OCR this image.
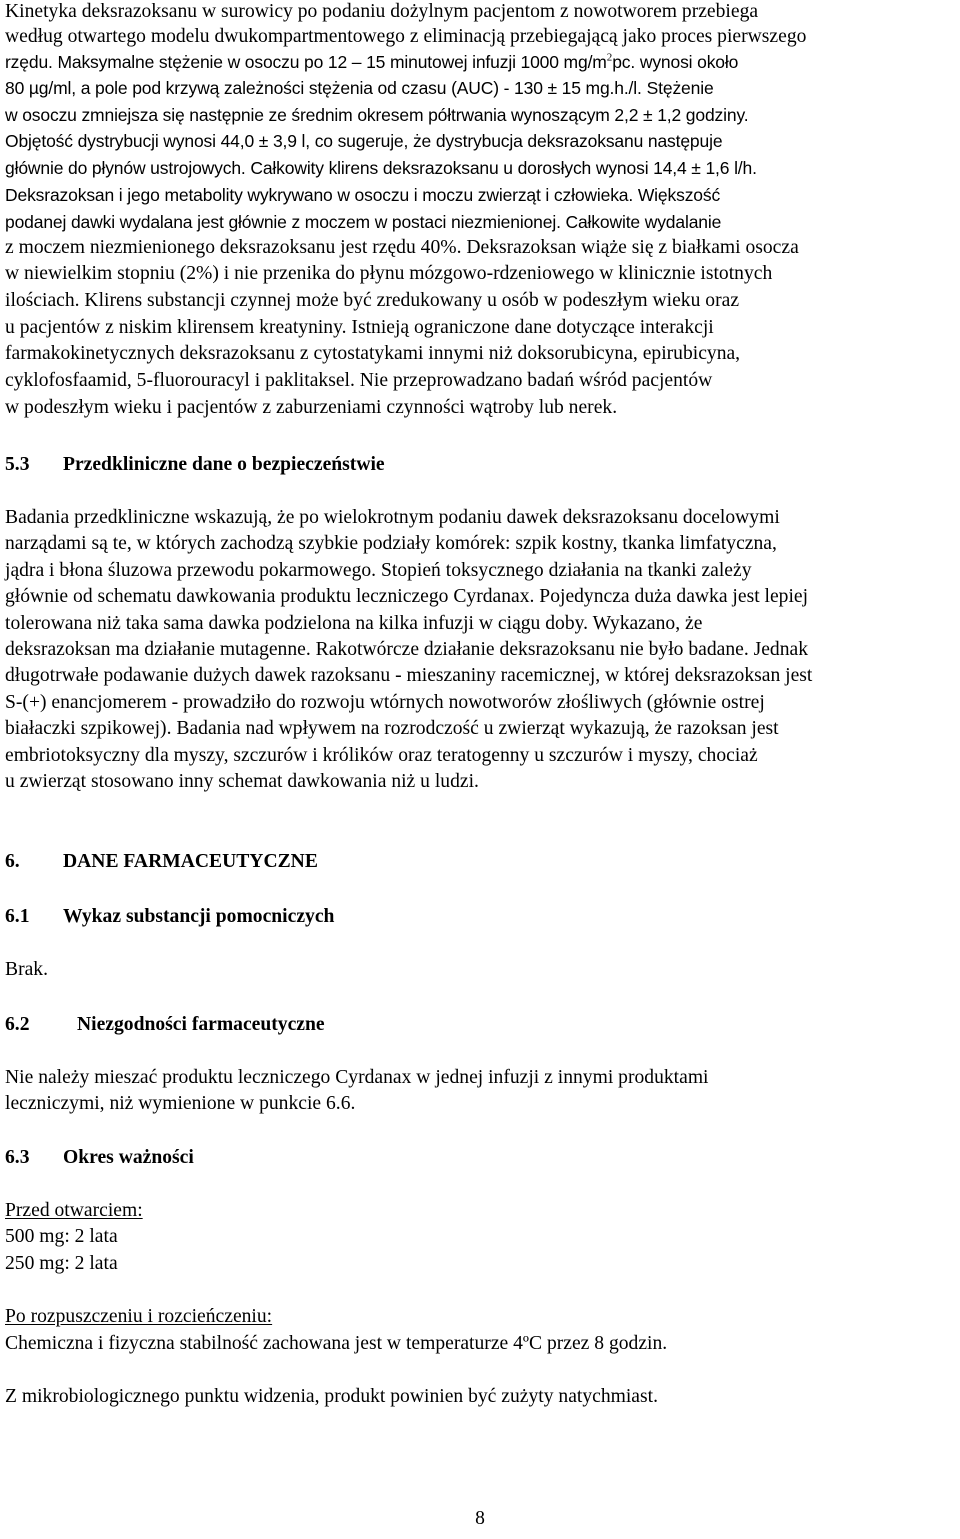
Kinetyka deksrazoksanu w surowicy po podaniu dożylnym pacjentom z nowotworem przebiega
według otwartego modelu dwukompartmentowego z eliminacją przebiegającą jako proces pierwszego
rzędu. Maksymalne stężenie w osoczu po 12 – 15 minutowej infuzji 1000 $mg/m^2pc$. wynosi około
80 µg/ml, a pole pod krzywą zależności stężenia od czasu (AUC) - 130 ± 15 mg.h./l. Stężenie
w osoczu zmniejsza się następnie ze średnim okresem półtrwania wynoszącym 2,2 ± 1,2 godziny.
Objętość dystrybucji wynosi 44,0 ± 3,9 l, co sugeruje, że dystrybucja deksrazoksanu następuje
głównie do płynów ustrojowych. Całkowity klirens deksrazoksanu u dorosłych wynosi 14,4 ± 1,6 l/h.
Deksrazoksan i jego metabolity wykrywano w osoczu i moczu zwierząt i człowieka. Większość
podanej dawki wydalana jest głównie z moczem w postaci niezmienionej. Całkowite wydalanie
z moczem niezmienionego deksrazoksanu jest rzędu 40%. Deksrazoksan wiąże się z białkami osocza
w niewielkim stopniu (2%) i nie przenika do płynu mózgowo-rdzeniowego w klinicznie istotnych
ilościach. Klirens substancji czynnej może być zredukowany u osób w podeszłym wieku oraz
u pacjentów z niskim klirensem kreatyniny. Istnieją ograniczone dane dotyczące interakcji
farmakokinetycznych deksrazoksanu z cytostatykami innymi niż doksorubicyna, epirubicyna,
cyklofosfaamid, 5-fluorouracyl i paklitaksel. Nie przeprowadzano badań wśród pacjentów
w podeszłym wieku i pacjentów z zaburzeniami czynności wątroby lub nerek.
5.3 Przedkliniczne dane o bezpieczeństwie
Badania przedkliniczne wskazują, że po wielokrotnym podaniu dawek deksrazoksanu docelowymi
narządami są te, w których zachodzą szybkie podziały komórek: szpik kostny, tkanka limfatyczna,
jądra i błona śluzowa przewodu pokarmowego. Stopień toksycznego działania na tkanki zależy
głównie od schematu dawkowania produktu leczniczego Cyrdanax. Pojedyncza duża dawka jest lepiej
tolerowana niż taka sama dawka podzielona na kilka infuzji w ciągu doby. Wykazano, że
deksrazoksan ma działanie mutagenne. Rakotwórcze działanie deksrazoksanu nie było badane. Jednak
długotrwałe podawanie dużych dawek razoksanu - mieszaniny racemicznej, w której deksrazoksan jest
S-(+) enancjomerem - prowadziło do rozwoju wtórnych nowotworów złośliwych (głównie ostrej
białaczki szpikowej). Badania nad wpływem na rozrodczość u zwierząt wykazują, że razoksan jest
embriotoksyczny dla myszy, szczurów i królików oraz teratogenny u szczurów i myszy, chociaż
u zwierząt stosowano inny schemat dawkowania niż u ludzi.
6. DANE FARMACEUTYCZNE
6.1 Wykaz substancji pomocniczych
Brak.
6.2 Niezgodności farmaceutyczne
Nie należy mieszać produktu leczniczego Cyrdanax w jednej infuzji z innymi produktami
leczniczymi, niż wymienione w punkcie 6.6.
6.3 Okres ważności
Przed otwarciem:
500 mg: 2 lata
250 mg: 2 lata
Po rozpuszczeniu i rozcieńczeniu:
Chemiczna i fizyczna stabilność zachowana jest w temperaturze 4ºC przez 8 godzin.
Z mikrobiologicznego punktu widzenia, produkt powinien być zużyty natychmiast.
8
